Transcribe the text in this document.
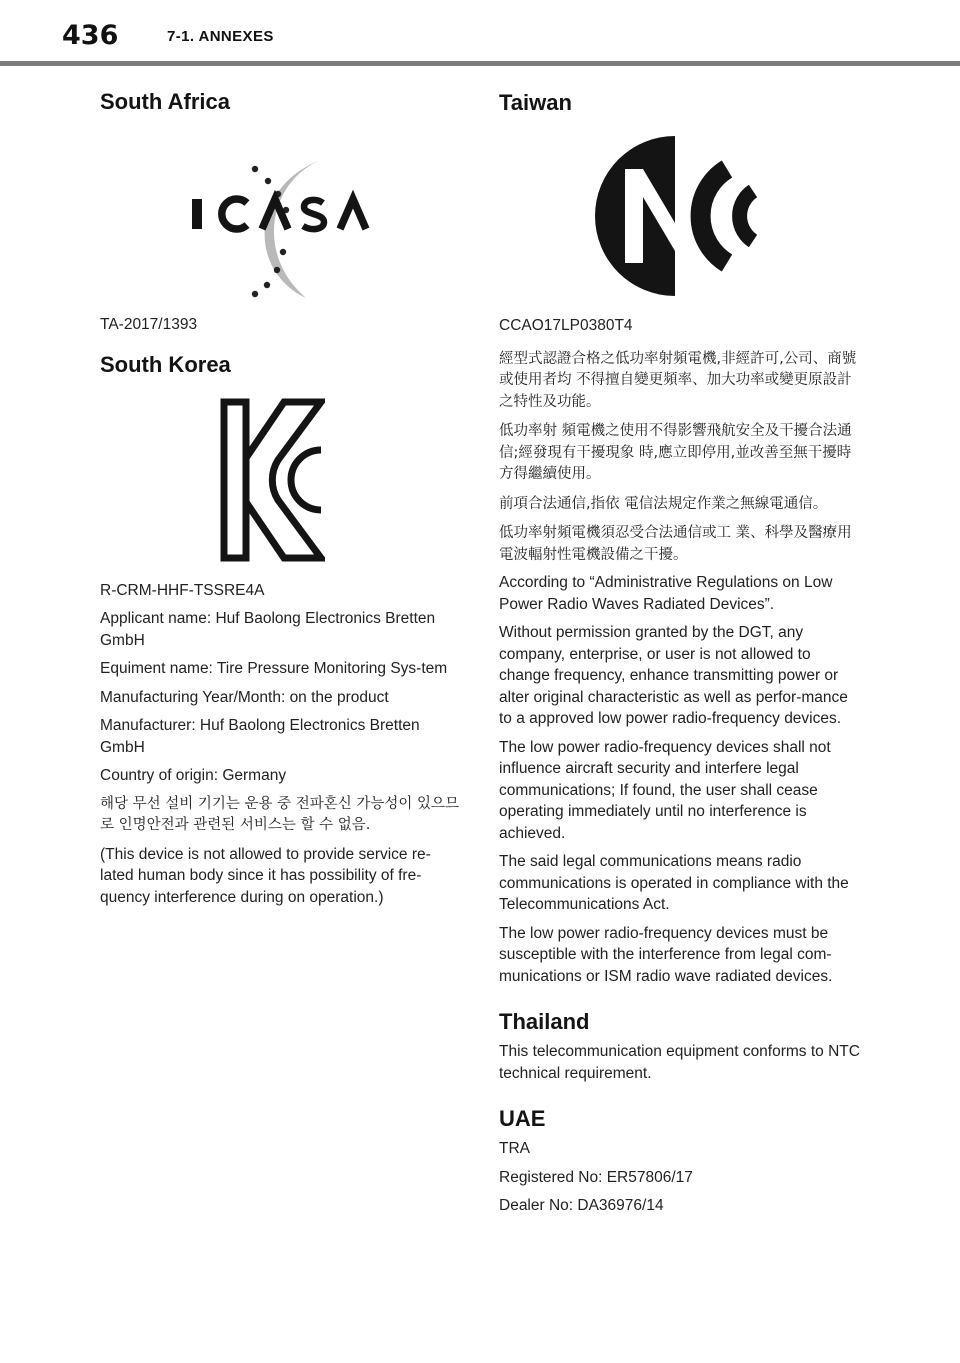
436	7-1. ANNEXES
South Africa

TA-2017/1393

South Korea

R-CRM-HHF-TSSRE4A

Applicant name: Huf Baolong Electronics Bretten GmbH

Equiment name: Tire Pressure Monitoring Sys-tem

Manufacturing Year/Month: on the product

Manufacturer: Huf Baolong Electronics Bretten GmbH

Country of origin: Germany

해당 무선 설비 기기는 운용 중 전파혼신 가능성이 있으므로 인명안전과 관련된 서비스는 할 수 없음.

(This device is not allowed to provide service re-lated human body since it has possibility of fre-quency interference during on operation.)

Taiwan

CCAO17LP0380T4

經型式認證合格之低功率射頻電機,非經許可,公司、商號或使用者均 不得擅自變更頻率、加大功率或變更原設計之特性及功能。

低功率射 頻電機之使用不得影響飛航安全及干擾合法通信;經發現有干擾現象 時,應立即停用,並改善至無干擾時方得繼續使用。

前項合法通信,指依 電信法規定作業之無線電通信。

低功率射頻電機須忍受合法通信或工 業、科學及醫療用電波輻射性電機設備之干擾。

According to “Administrative Regulations on Low Power Radio Waves Radiated Devices”.

Without permission granted by the DGT, any company, enterprise, or user is not allowed to change frequency, enhance transmitting power or alter original characteristic as well as perfor-mance to a approved low power radio-frequency devices.

The low power radio-frequency devices shall not influence aircraft security and interfere legal communications; If found, the user shall cease operating immediately until no interference is achieved.

The said legal communications means radio communications is operated in compliance with the Telecommunications Act.

The low power radio-frequency devices must be susceptible with the interference from legal com-munications or ISM radio wave radiated devices.

Thailand

This telecommunication equipment conforms to NTC technical requirement.

UAE

TRA

Registered No: ER57806/17

Dealer No: DA36976/14
